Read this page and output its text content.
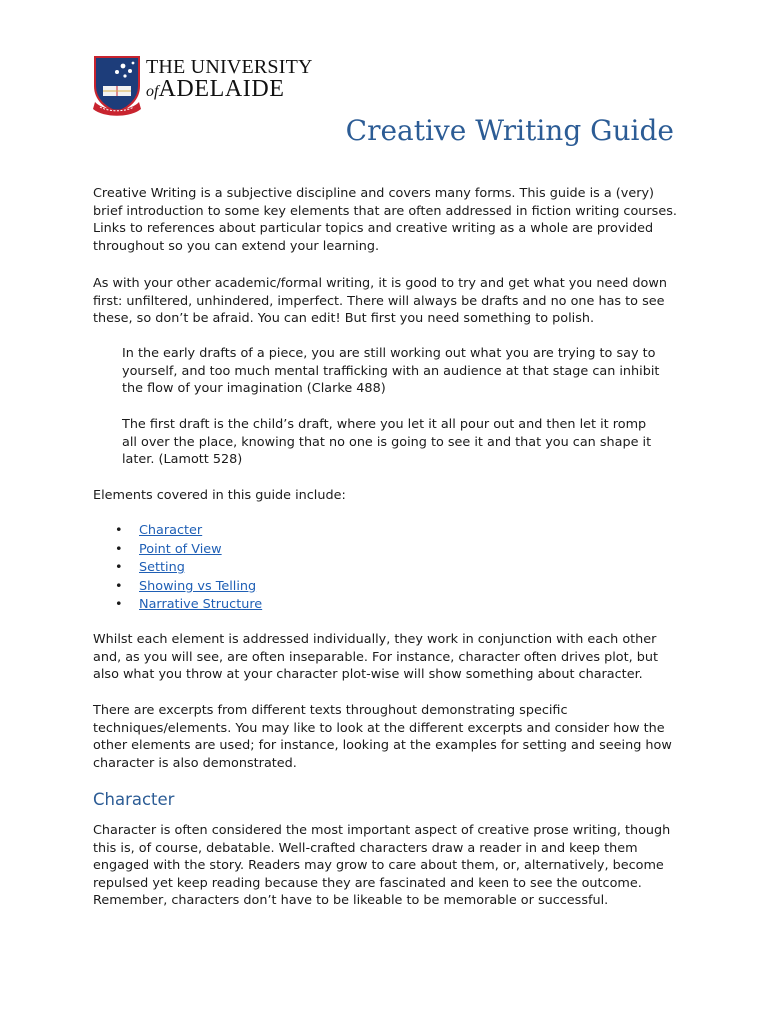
THE UNIVERSITY
ofADELAIDE
Creative Writing Guide

Creative Writing is a subjective discipline and covers many forms. This guide is a (very) brief introduction to some key elements that are often addressed in fiction writing courses. Links to references about particular topics and creative writing as a whole are provided throughout so you can extend your learning.

As with your other academic/formal writing, it is good to try and get what you need down first: unfiltered, unhindered, imperfect. There will always be drafts and no one has to see these, so don’t be afraid. You can edit! But first you need something to polish.

In the early drafts of a piece, you are still working out what you are trying to say to yourself, and too much mental trafficking with an audience at that stage can inhibit the flow of your imagination (Clarke 488)

The first draft is the child’s draft, where you let it all pour out and then let it romp all over the place, knowing that no one is going to see it and that you can shape it later. (Lamott 528)

Elements covered in this guide include:

• Character
• Point of View
• Setting
• Showing vs Telling
• Narrative Structure

Whilst each element is addressed individually, they work in conjunction with each other and, as you will see, are often inseparable. For instance, character often drives plot, but also what you throw at your character plot-wise will show something about character.

There are excerpts from different texts throughout demonstrating specific techniques/elements. You may like to look at the different excerpts and consider how the other elements are used; for instance, looking at the examples for setting and seeing how character is also demonstrated.

Character

Character is often considered the most important aspect of creative prose writing, though this is, of course, debatable. Well-crafted characters draw a reader in and keep them engaged with the story. Readers may grow to care about them, or, alternatively, become repulsed yet keep reading because they are fascinated and keen to see the outcome. Remember, characters don’t have to be likeable to be memorable or successful.
